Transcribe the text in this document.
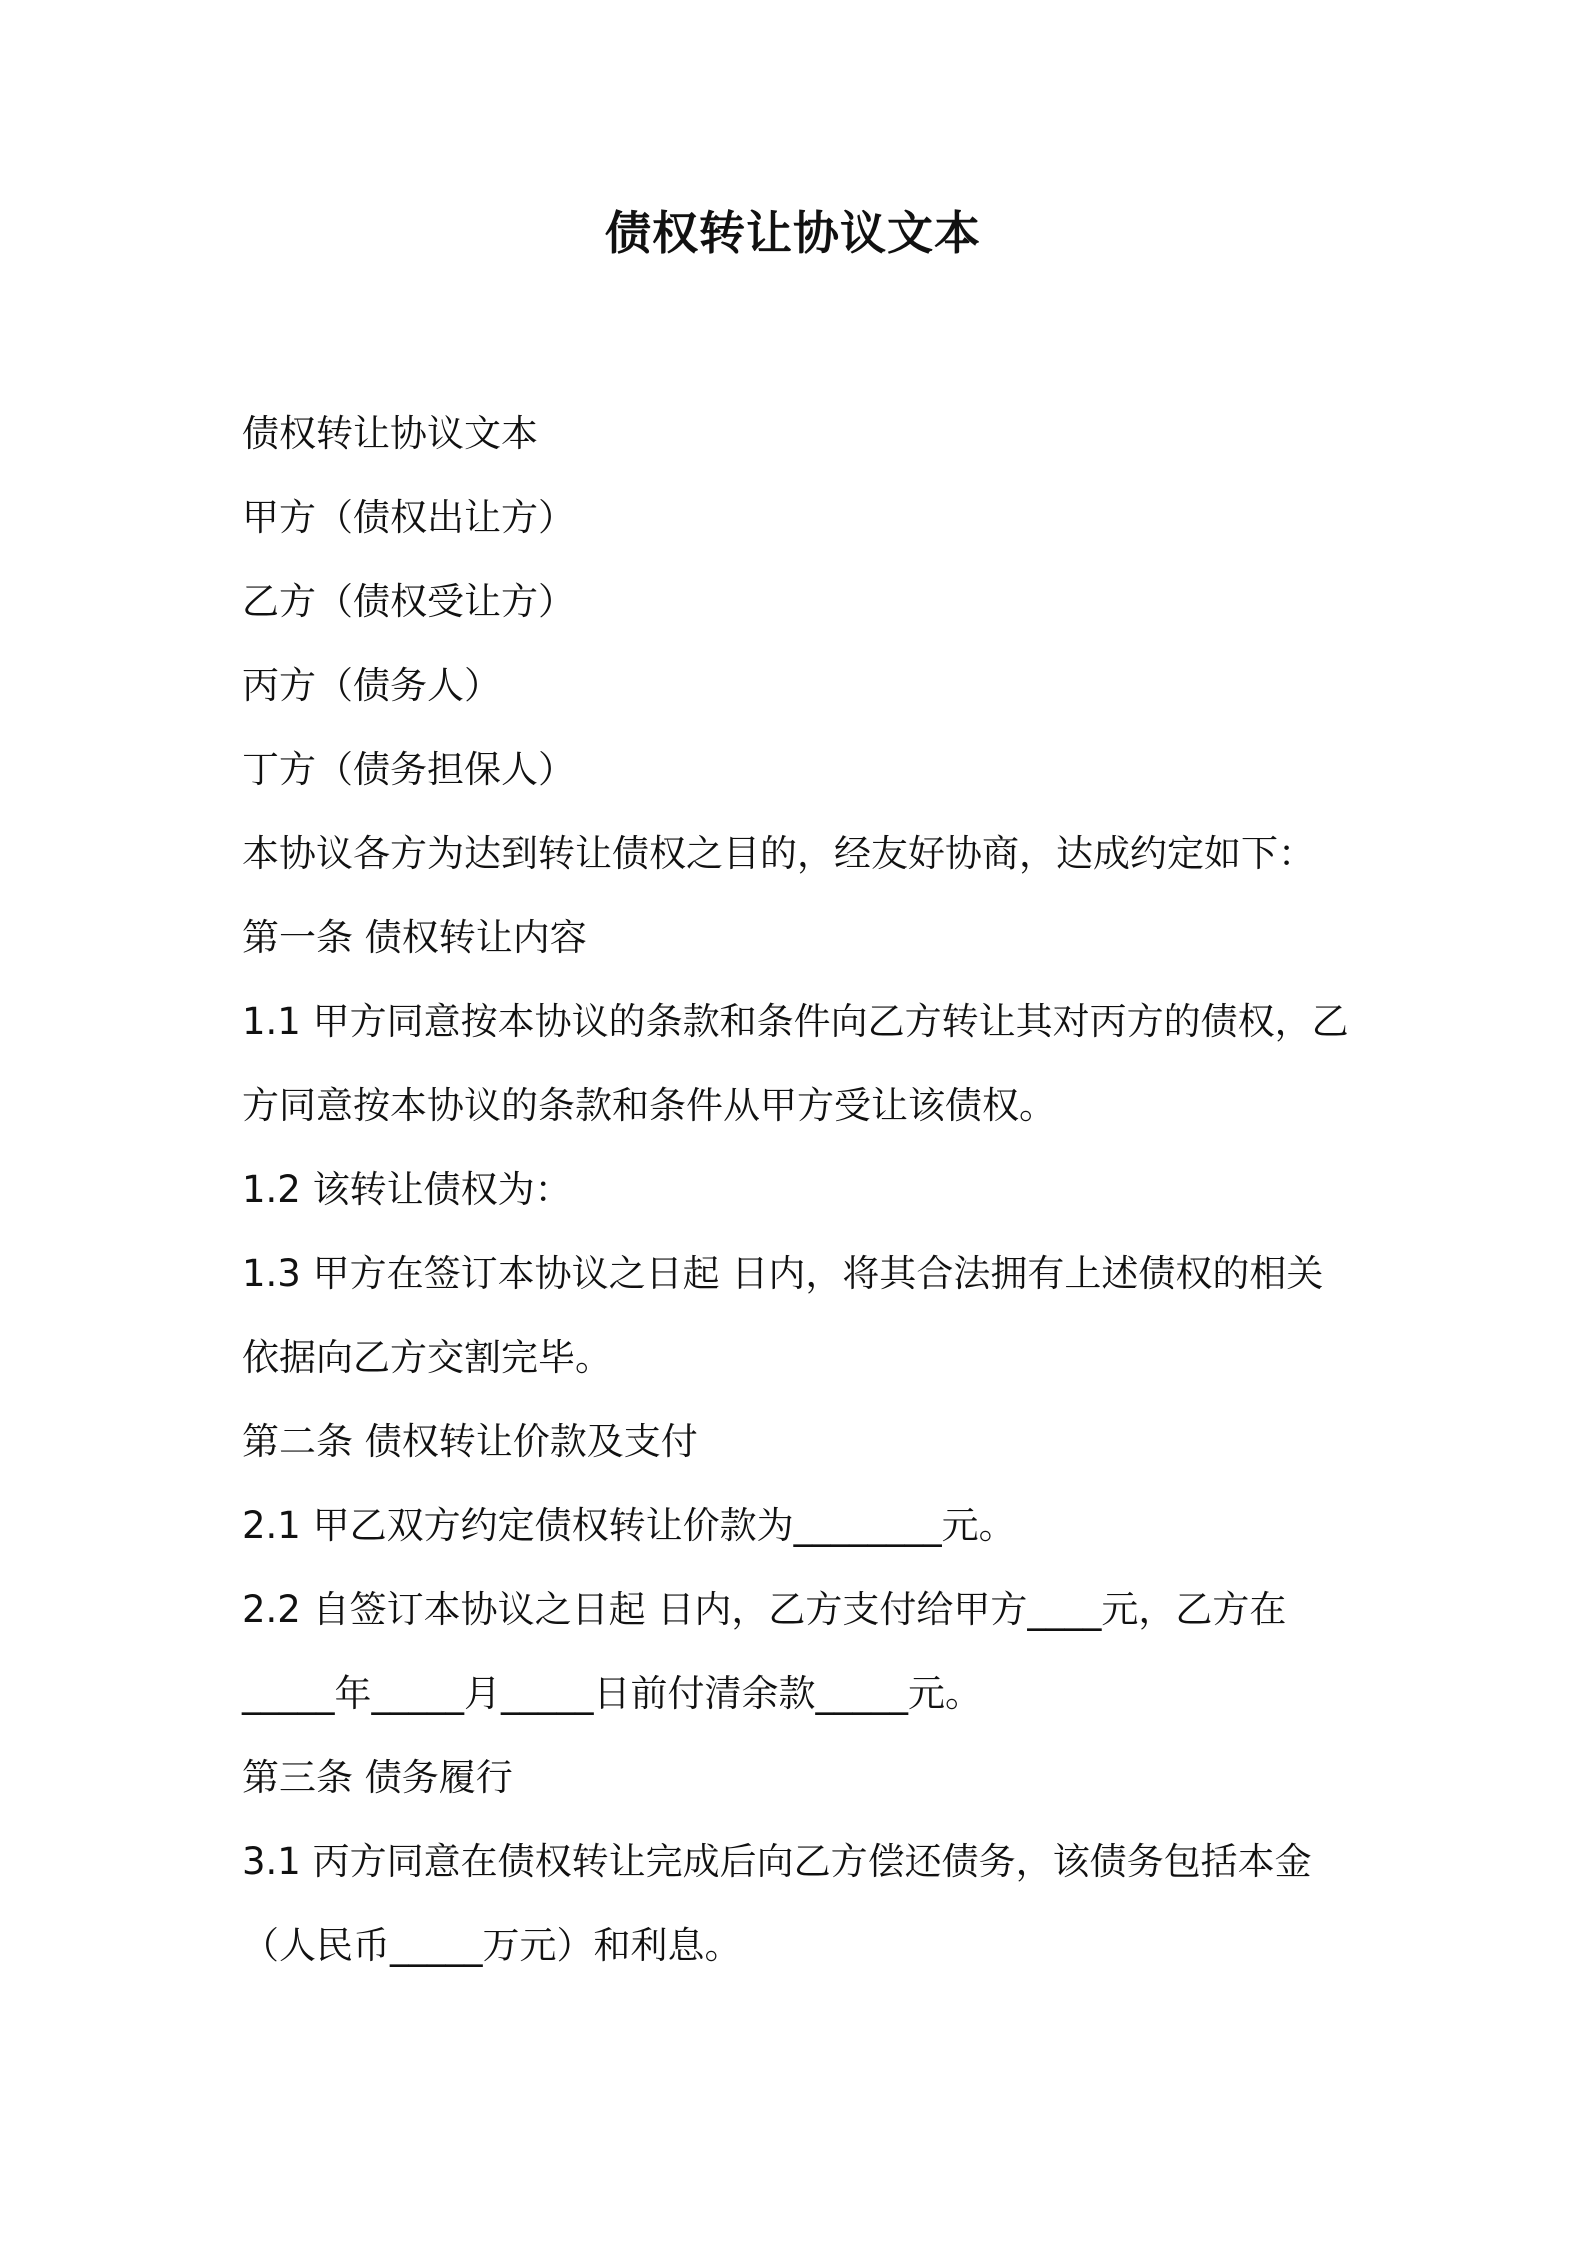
债权转让协议文本
债权转让协议文本
甲方（债权出让方）
乙方（债权受让方）
丙方（债务人）
丁方（债务担保人）
本协议各方为达到转让债权之目的，经友好协商，达成约定如下：
第一条 债权转让内容
1.1 甲方同意按本协议的条款和条件向乙方转让其对丙方的债权，乙
方同意按本协议的条款和条件从甲方受让该债权。
1.2 该转让债权为：
1.3 甲方在签订本协议之日起 日内，将其合法拥有上述债权的相关
依据向乙方交割完毕。
第二条 债权转让价款及支付
2.1 甲乙双方约定债权转让价款为________元。
2.2 自签订本协议之日起 日内，乙方支付给甲方____元，乙方在
_____年_____月_____日前付清余款_____元。
第三条 债务履行
3.1 丙方同意在债权转让完成后向乙方偿还债务，该债务包括本金
（人民币_____万元）和利息。
